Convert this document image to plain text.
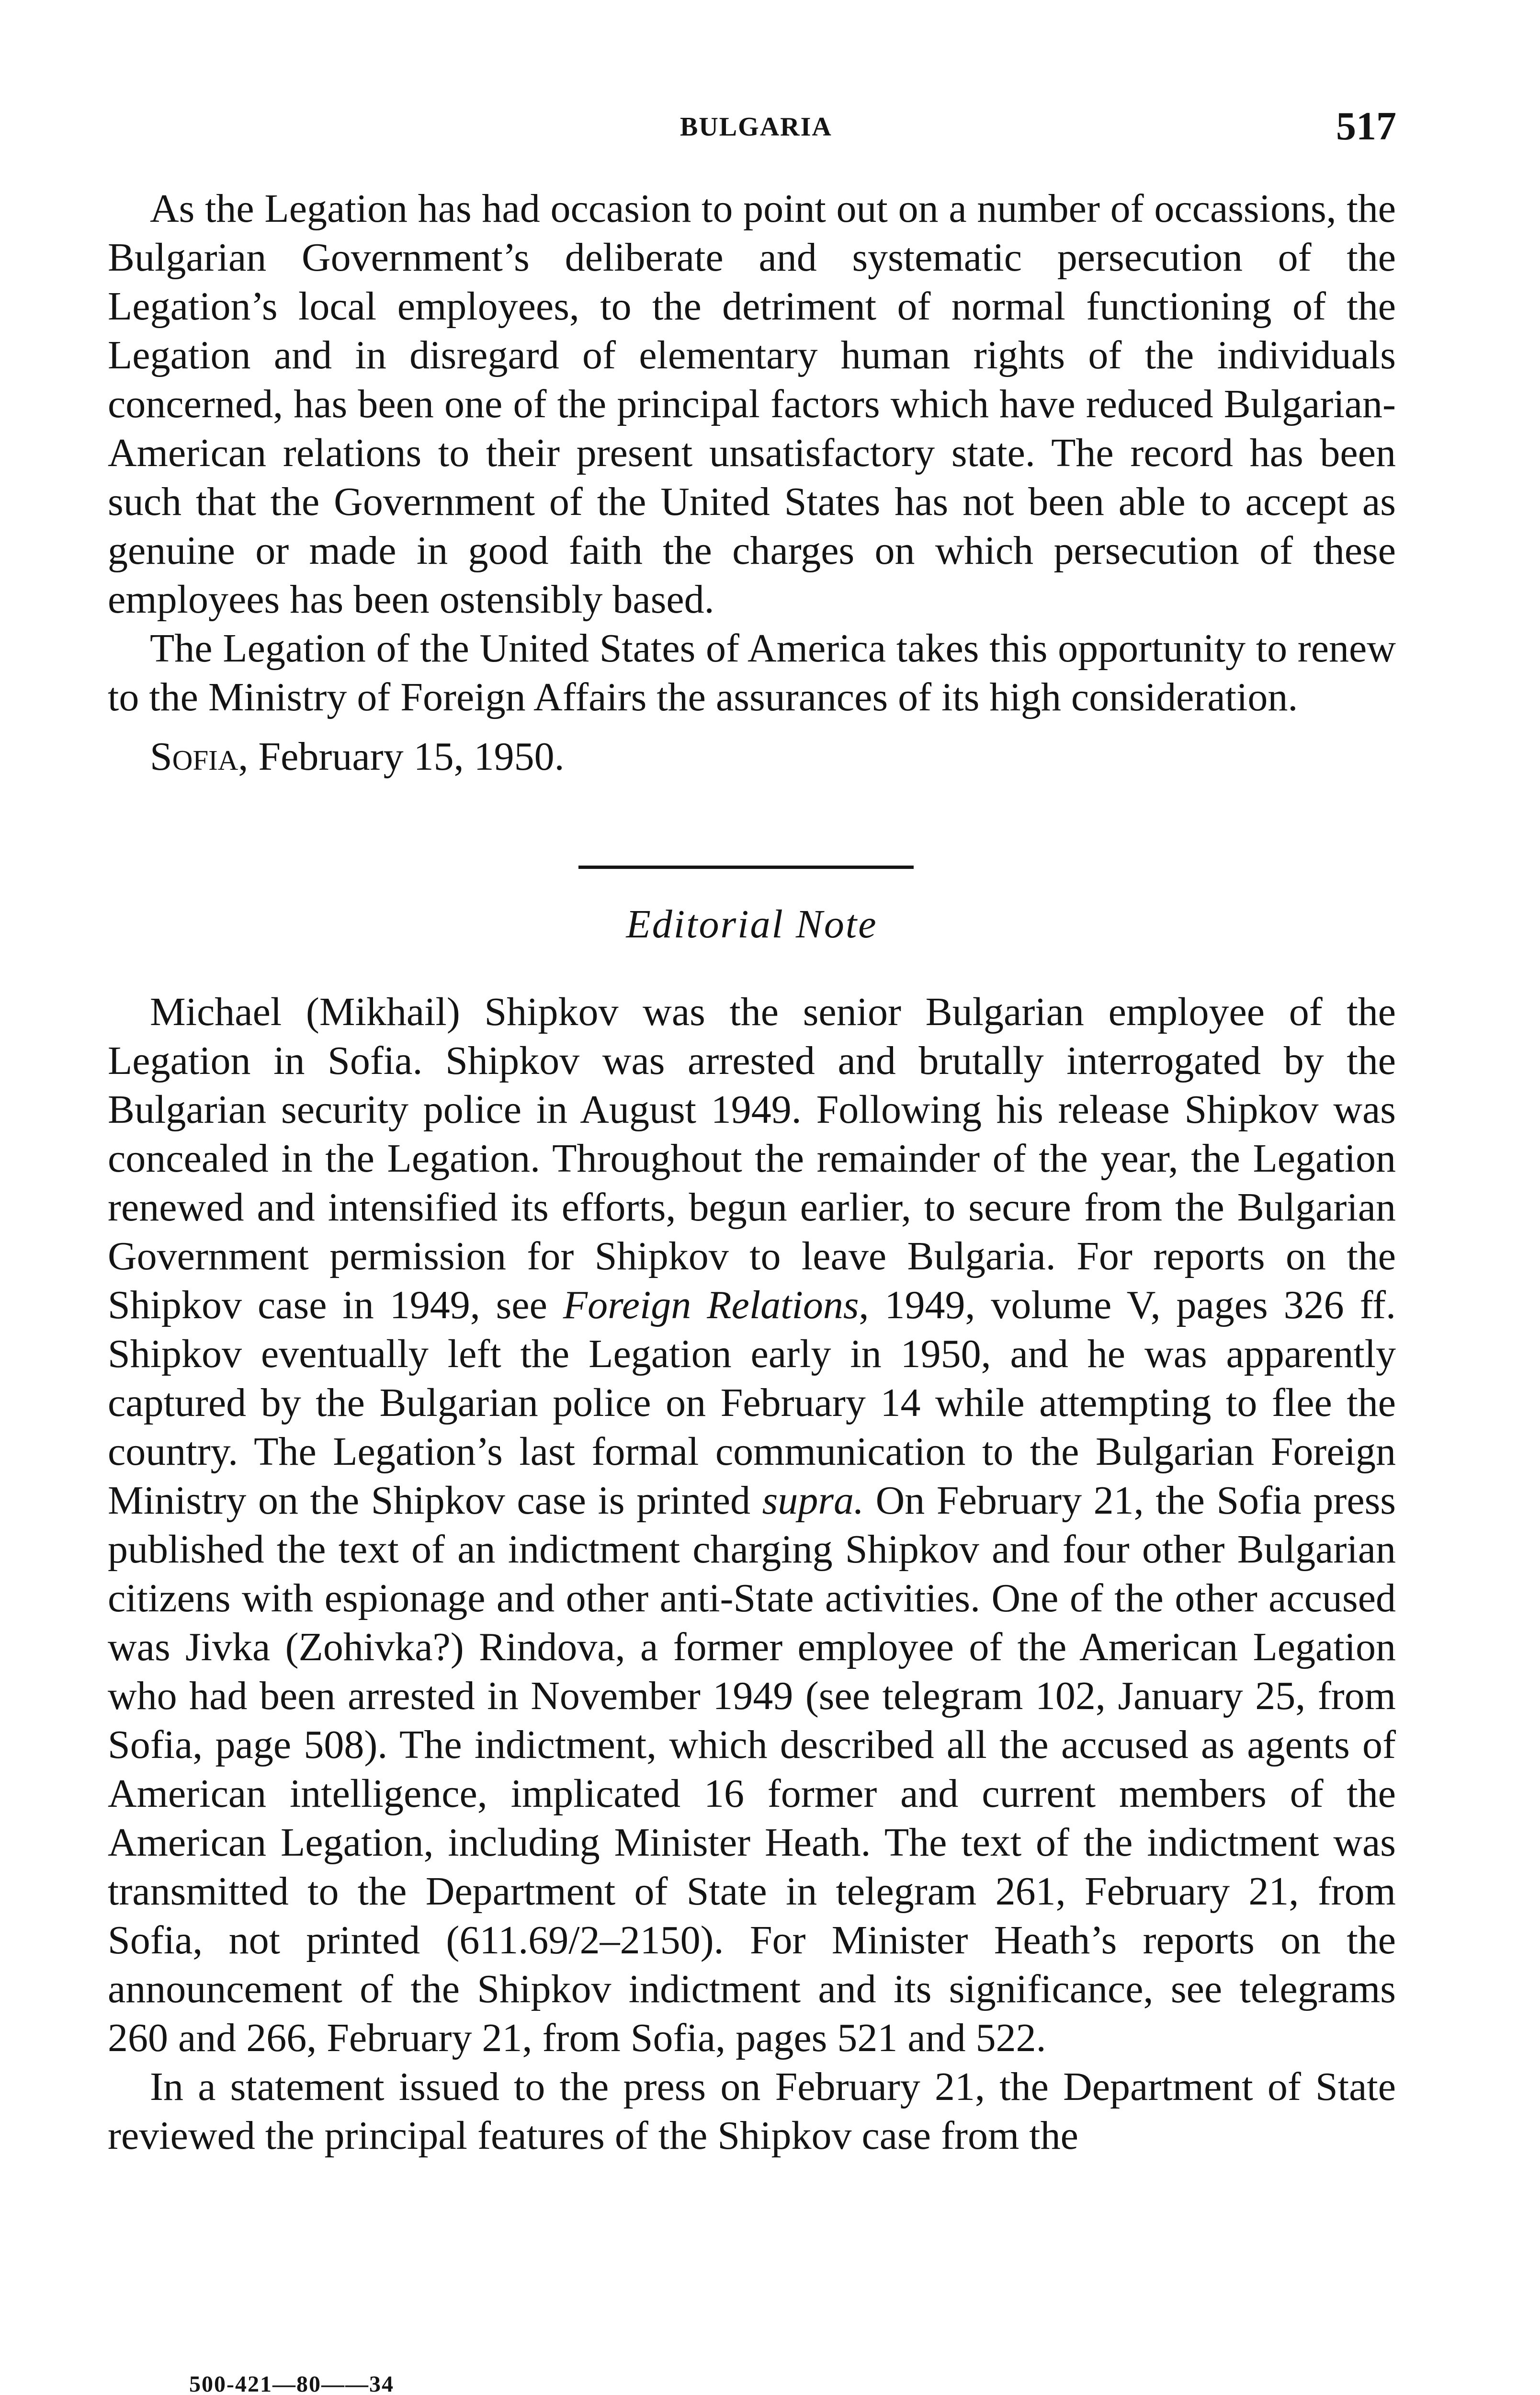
BULGARIA	517

As the Legation has had occasion to point out on a number of occassions, the Bulgarian Government’s deliberate and systematic persecution of the Legation’s local employees, to the detriment of normal functioning of the Legation and in disregard of elementary human rights of the individuals concerned, has been one of the principal factors which have reduced Bulgarian-American relations to their present unsatisfactory state. The record has been such that the Government of the United States has not been able to accept as genuine or made in good faith the charges on which persecution of these employees has been ostensibly based.

The Legation of the United States of America takes this opportunity to renew to the Ministry of Foreign Affairs the assurances of its high consideration.

Sofia, February 15, 1950.

Editorial Note

Michael (Mikhail) Shipkov was the senior Bulgarian employee of the Legation in Sofia. Shipkov was arrested and brutally interrogated by the Bulgarian security police in August 1949. Following his release Shipkov was concealed in the Legation. Throughout the remainder of the year, the Legation renewed and intensified its efforts, begun earlier, to secure from the Bulgarian Government permission for Shipkov to leave Bulgaria. For reports on the Shipkov case in 1949, see Foreign Relations, 1949, volume V, pages 326 ff. Shipkov eventually left the Legation early in 1950, and he was apparently captured by the Bulgarian police on February 14 while attempting to flee the country. The Legation’s last formal communication to the Bulgarian Foreign Ministry on the Shipkov case is printed supra. On February 21, the Sofia press published the text of an indictment charging Shipkov and four other Bulgarian citizens with espionage and other anti-State activities. One of the other accused was Jivka (Zohivka?) Rindova, a former employee of the American Legation who had been arrested in November 1949 (see telegram 102, January 25, from Sofia, page 508). The indictment, which described all the accused as agents of American intelligence, implicated 16 former and current members of the American Legation, including Minister Heath. The text of the indictment was transmitted to the Department of State in telegram 261, February 21, from Sofia, not printed (611.69/2–2150). For Minister Heath’s reports on the announcement of the Shipkov indictment and its significance, see telegrams 260 and 266, February 21, from Sofia, pages 521 and 522.

In a statement issued to the press on February 21, the Department of State reviewed the principal features of the Shipkov case from the

500-421—80——34
